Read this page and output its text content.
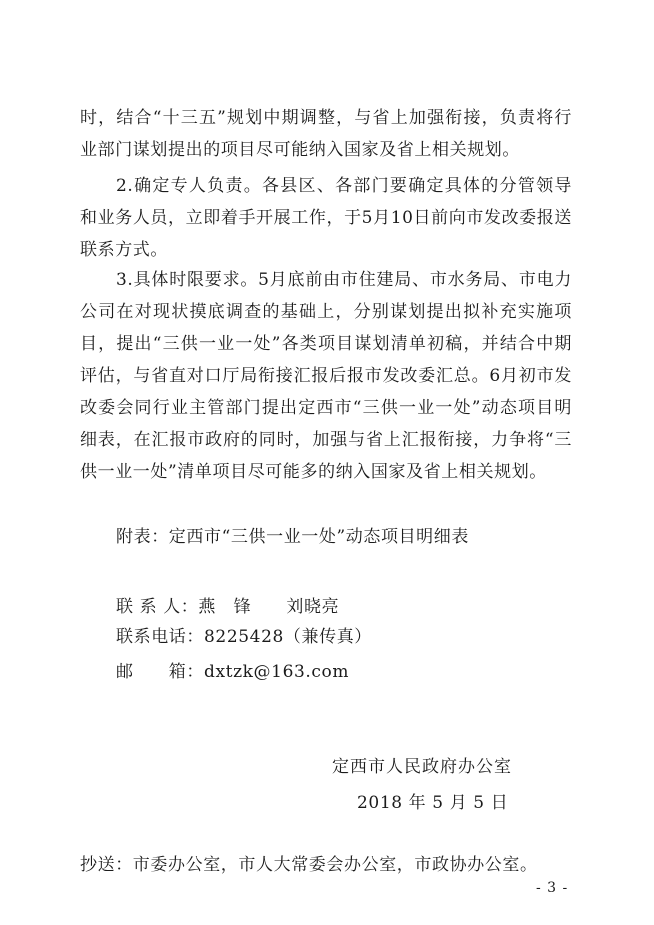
时，结合“十三五”规划中期调整，与省上加强衔接，负责将行业部门谋划提出的项目尽可能纳入国家及省上相关规划。

2.确定专人负责。各县区、各部门要确定具体的分管领导和业务人员，立即着手开展工作，于5月10日前向市发改委报送联系方式。

3.具体时限要求。5月底前由市住建局、市水务局、市电力公司在对现状摸底调查的基础上，分别谋划提出拟补充实施项目，提出“三供一业一处”各类项目谋划清单初稿，并结合中期评估，与省直对口厅局衔接汇报后报市发改委汇总。6月初市发改委会同行业主管部门提出定西市“三供一业一处”动态项目明细表，在汇报市政府的同时，加强与省上汇报衔接，力争将“三供一业一处”清单项目尽可能多的纳入国家及省上相关规划。

附表：定西市“三供一业一处”动态项目明细表
联 系 人：燕　锋　　刘晓亮
联系电话：8225428（兼传真）
邮　　箱：dxtzk@163.com
定西市人民政府办公室
2018 年 5 月 5 日
抄送：市委办公室，市人大常委会办公室，市政协办公室。
- 3 -
